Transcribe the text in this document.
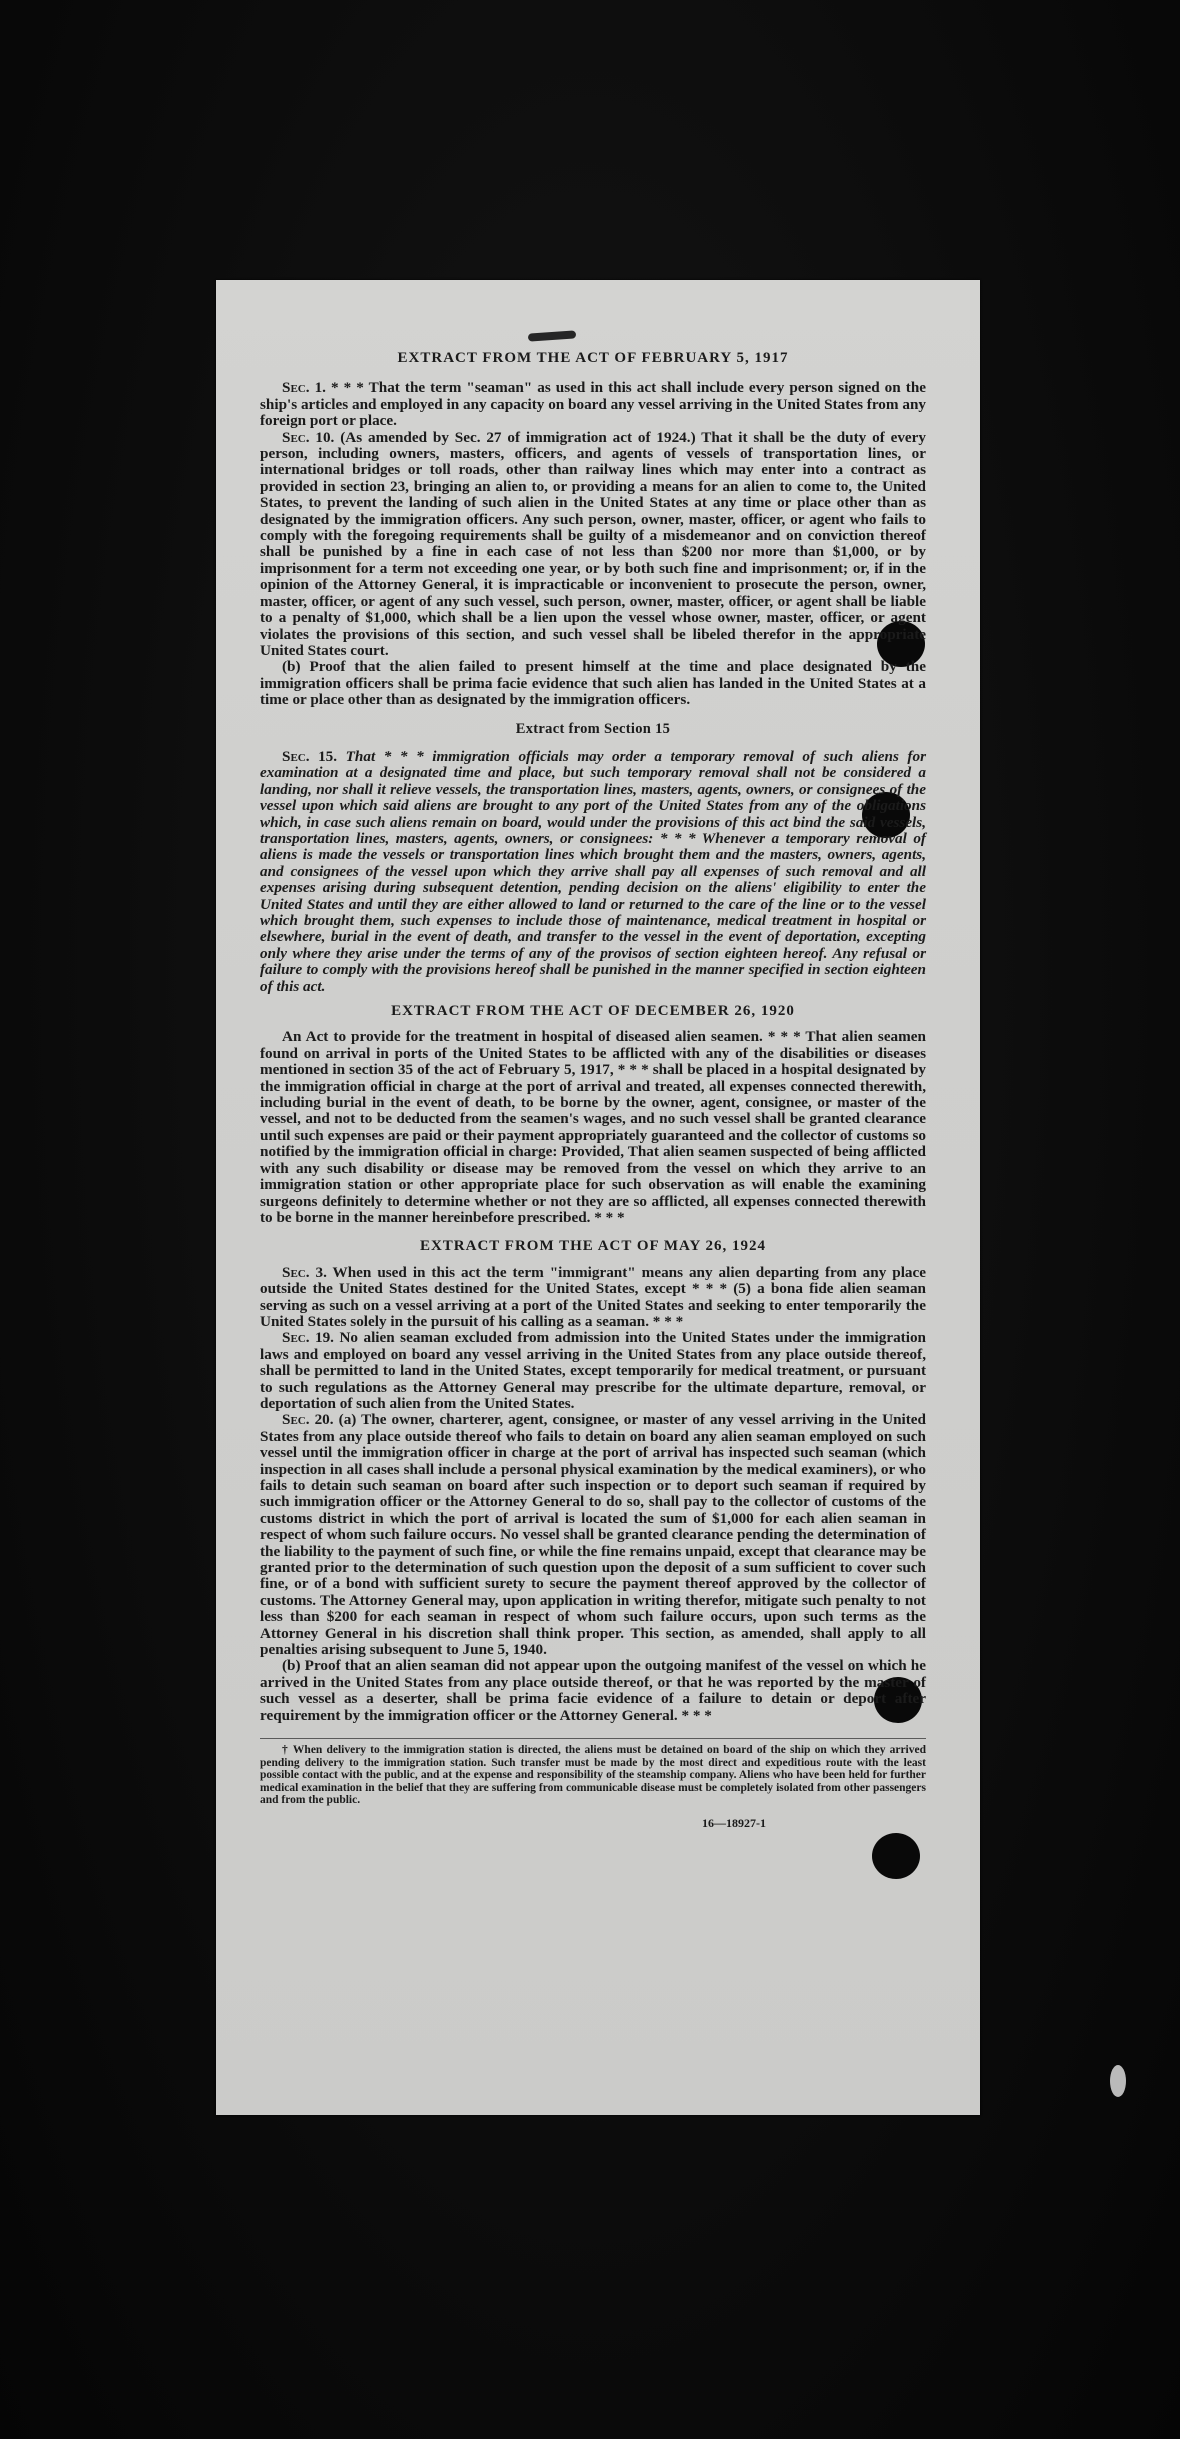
EXTRACT FROM THE ACT OF FEBRUARY 5, 1917

Sec. 1. * * * That the term "seaman" as used in this act shall include every person signed on the ship's articles and employed in any capacity on board any vessel arriving in the United States from any foreign port or place.

Sec. 10. (As amended by Sec. 27 of immigration act of 1924.) That it shall be the duty of every person, including owners, masters, officers, and agents of vessels of transportation lines, or international bridges or toll roads, other than railway lines which may enter into a contract as provided in section 23, bringing an alien to, or providing a means for an alien to come to, the United States, to prevent the landing of such alien in the United States at any time or place other than as designated by the immigration officers. Any such person, owner, master, officer, or agent who fails to comply with the foregoing requirements shall be guilty of a misdemeanor and on conviction thereof shall be punished by a fine in each case of not less than $200 nor more than $1,000, or by imprisonment for a term not exceeding one year, or by both such fine and imprisonment; or, if in the opinion of the Attorney General, it is impracticable or inconvenient to prosecute the person, owner, master, officer, or agent of any such vessel, such person, owner, master, officer, or agent shall be liable to a penalty of $1,000, which shall be a lien upon the vessel whose owner, master, officer, or agent violates the provisions of this section, and such vessel shall be libeled therefor in the appropriate United States court.

(b) Proof that the alien failed to present himself at the time and place designated by the immigration officers shall be prima facie evidence that such alien has landed in the United States at a time or place other than as designated by the immigration officers.

Extract from Section 15

Sec. 15. That * * * immigration officials may order a temporary removal of such aliens for examination at a designated time and place, but such temporary removal shall not be considered a landing, nor shall it relieve vessels, the transportation lines, masters, agents, owners, or consignees of the vessel upon which said aliens are brought to any port of the United States from any of the obligations which, in case such aliens remain on board, would under the provisions of this act bind the said vessels, transportation lines, masters, agents, owners, or consignees: * * * Whenever a temporary removal of aliens is made the vessels or transportation lines which brought them and the masters, owners, agents, and consignees of the vessel upon which they arrive shall pay all expenses of such removal and all expenses arising during subsequent detention, pending decision on the aliens' eligibility to enter the United States and until they are either allowed to land or returned to the care of the line or to the vessel which brought them, such expenses to include those of maintenance, medical treatment in hospital or elsewhere, burial in the event of death, and transfer to the vessel in the event of deportation, excepting only where they arise under the terms of any of the provisos of section eighteen hereof. Any refusal or failure to comply with the provisions hereof shall be punished in the manner specified in section eighteen of this act.

EXTRACT FROM THE ACT OF DECEMBER 26, 1920

An Act to provide for the treatment in hospital of diseased alien seamen. * * * That alien seamen found on arrival in ports of the United States to be afflicted with any of the disabilities or diseases mentioned in section 35 of the act of February 5, 1917, * * * shall be placed in a hospital designated by the immigration official in charge at the port of arrival and treated, all expenses connected therewith, including burial in the event of death, to be borne by the owner, agent, consignee, or master of the vessel, and not to be deducted from the seamen's wages, and no such vessel shall be granted clearance until such expenses are paid or their payment appropriately guaranteed and the collector of customs so notified by the immigration official in charge: Provided, That alien seamen suspected of being afflicted with any such disability or disease may be removed from the vessel on which they arrive to an immigration station or other appropriate place for such observation as will enable the examining surgeons definitely to determine whether or not they are so afflicted, all expenses connected therewith to be borne in the manner hereinbefore prescribed. * * *

EXTRACT FROM THE ACT OF MAY 26, 1924

Sec. 3. When used in this act the term "immigrant" means any alien departing from any place outside the United States destined for the United States, except * * * (5) a bona fide alien seaman serving as such on a vessel arriving at a port of the United States and seeking to enter temporarily the United States solely in the pursuit of his calling as a seaman. * * *

Sec. 19. No alien seaman excluded from admission into the United States under the immigration laws and employed on board any vessel arriving in the United States from any place outside thereof, shall be permitted to land in the United States, except temporarily for medical treatment, or pursuant to such regulations as the Attorney General may prescribe for the ultimate departure, removal, or deportation of such alien from the United States.

Sec. 20. (a) The owner, charterer, agent, consignee, or master of any vessel arriving in the United States from any place outside thereof who fails to detain on board any alien seaman employed on such vessel until the immigration officer in charge at the port of arrival has inspected such seaman (which inspection in all cases shall include a personal physical examination by the medical examiners), or who fails to detain such seaman on board after such inspection or to deport such seaman if required by such immigration officer or the Attorney General to do so, shall pay to the collector of customs of the customs district in which the port of arrival is located the sum of $1,000 for each alien seaman in respect of whom such failure occurs. No vessel shall be granted clearance pending the determination of the liability to the payment of such fine, or while the fine remains unpaid, except that clearance may be granted prior to the determination of such question upon the deposit of a sum sufficient to cover such fine, or of a bond with sufficient surety to secure the payment thereof approved by the collector of customs. The Attorney General may, upon application in writing therefor, mitigate such penalty to not less than $200 for each seaman in respect of whom such failure occurs, upon such terms as the Attorney General in his discretion shall think proper. This section, as amended, shall apply to all penalties arising subsequent to June 5, 1940.

(b) Proof that an alien seaman did not appear upon the outgoing manifest of the vessel on which he arrived in the United States from any place outside thereof, or that he was reported by the master of such vessel as a deserter, shall be prima facie evidence of a failure to detain or deport after requirement by the immigration officer or the Attorney General. * * *

† When delivery to the immigration station is directed, the aliens must be detained on board of the ship on which they arrived pending delivery to the immigration station. Such transfer must be made by the most direct and expeditious route with the least possible contact with the public, and at the expense and responsibility of the steamship company. Aliens who have been held for further medical examination in the belief that they are suffering from communicable disease must be completely isolated from other passengers and from the public.
16—18927-1
